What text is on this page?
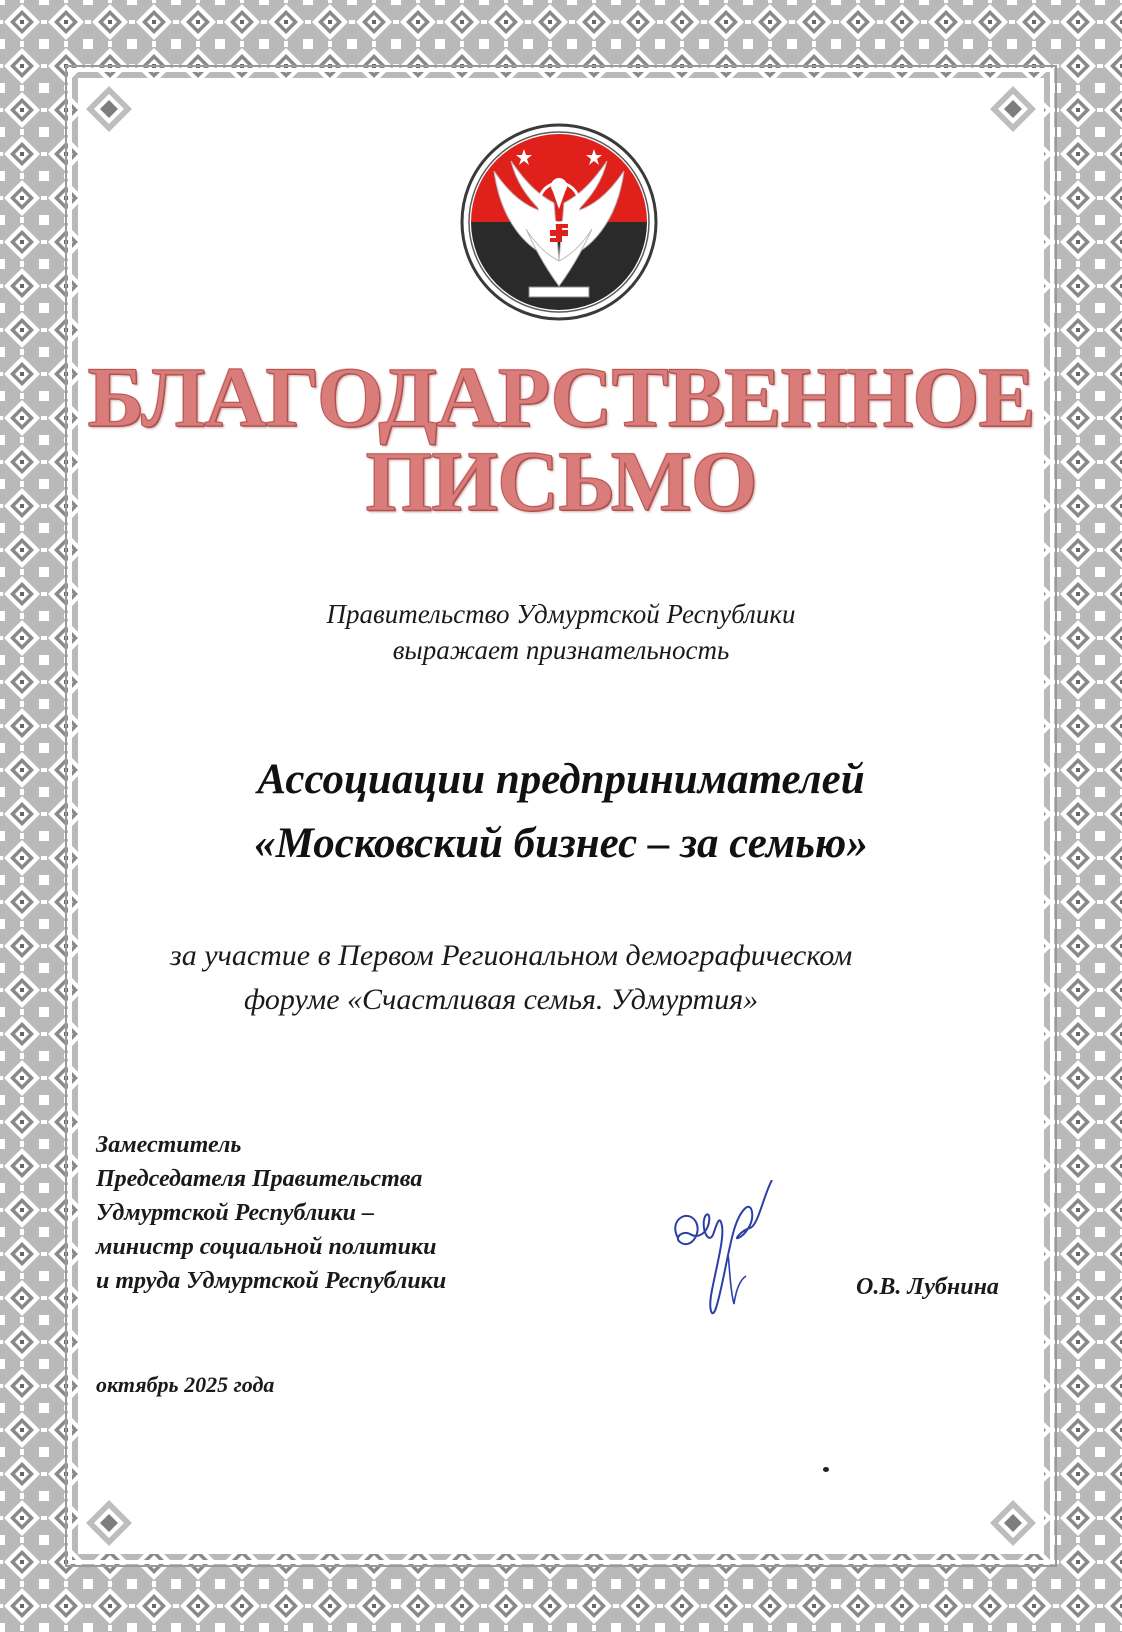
БЛАГОДАРСТВЕННОЕ
ПИСЬМО
Правительство Удмуртской Республики
выражает признательность
Ассоциации предпринимателей
«Московский бизнес – за семью»
за участие в Первом Региональном демографическом
форуме «Счастливая семья. Удмуртия»
Заместитель
Председателя Правительства
Удмуртской Республики –
министр социальной политики
и труда Удмуртской Республики	О.В. Лубнина
октябрь 2025 года
